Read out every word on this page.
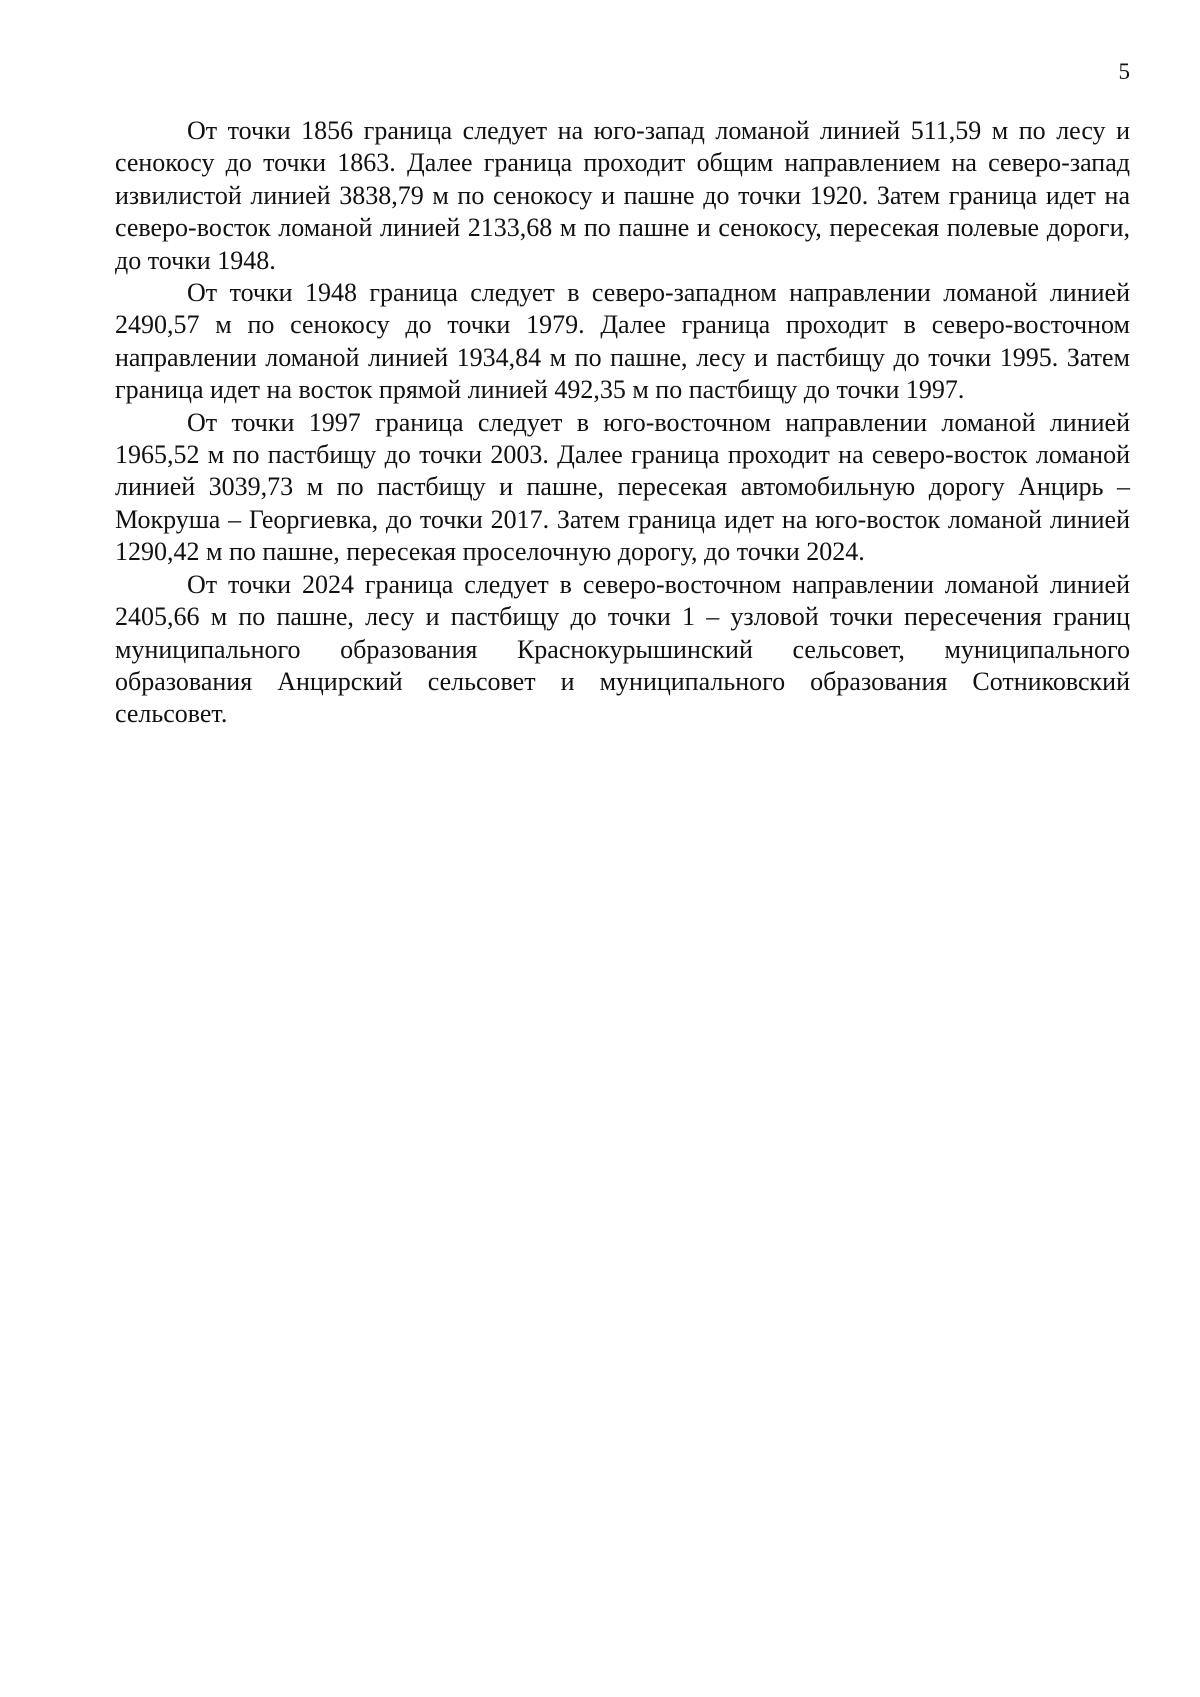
5

От точки 1856 граница следует на юго-запад ломаной линией 511,59 м по лесу и сенокосу до точки 1863. Далее граница проходит общим направлением на северо-запад извилистой линией 3838,79 м по сенокосу и пашне до точки 1920. Затем граница идет на северо-восток ломаной линией 2133,68 м по пашне и сенокосу, пересекая полевые дороги, до точки 1948.

От точки 1948 граница следует в северо-западном направлении ломаной линией 2490,57 м по сенокосу до точки 1979. Далее граница проходит в северо-восточном направлении ломаной линией 1934,84 м по пашне, лесу и пастбищу до точки 1995. Затем граница идет на восток прямой линией 492,35 м по пастбищу до точки 1997.

От точки 1997 граница следует в юго-восточном направлении ломаной линией 1965,52 м по пастбищу до точки 2003. Далее граница проходит на северо-восток ломаной линией 3039,73 м по пастбищу и пашне, пересекая автомобильную дорогу Анцирь – Мокруша – Георгиевка, до точки 2017. Затем граница идет на юго-восток ломаной линией 1290,42 м по пашне, пересекая проселочную дорогу, до точки 2024.

От точки 2024 граница следует в северо-восточном направлении ломаной линией 2405,66 м по пашне, лесу и пастбищу до точки 1 – узловой точки пересечения границ муниципального образования Краснокурышинский сельсовет, муниципального образования Анцирский сельсовет и муниципального образования Сотниковский сельсовет.
